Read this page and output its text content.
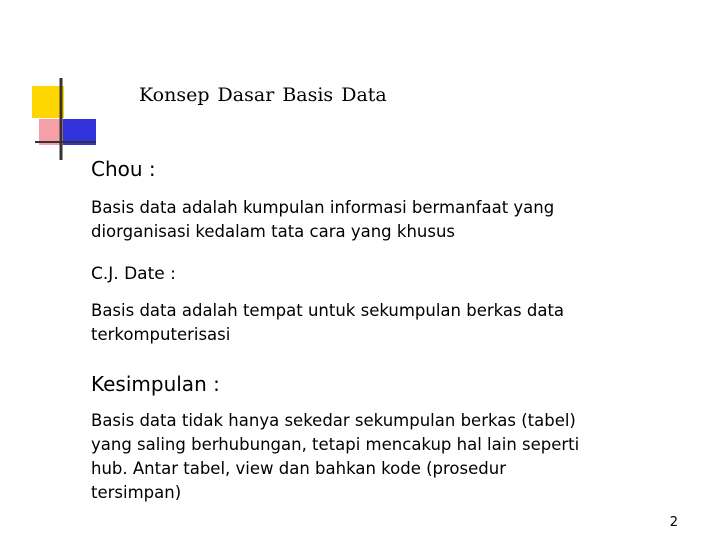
Konsep Dasar Basis Data
Chou :
Basis data adalah kumpulan informasi bermanfaat yang
diorganisasi kedalam tata cara yang khusus
C.J. Date :
Basis data adalah tempat untuk sekumpulan berkas data
terkomputerisasi
Kesimpulan :
Basis data tidak hanya sekedar sekumpulan berkas (tabel)
yang saling berhubungan, tetapi mencakup hal lain seperti
hub. Antar tabel, view dan bahkan kode (prosedur
tersimpan)
2
